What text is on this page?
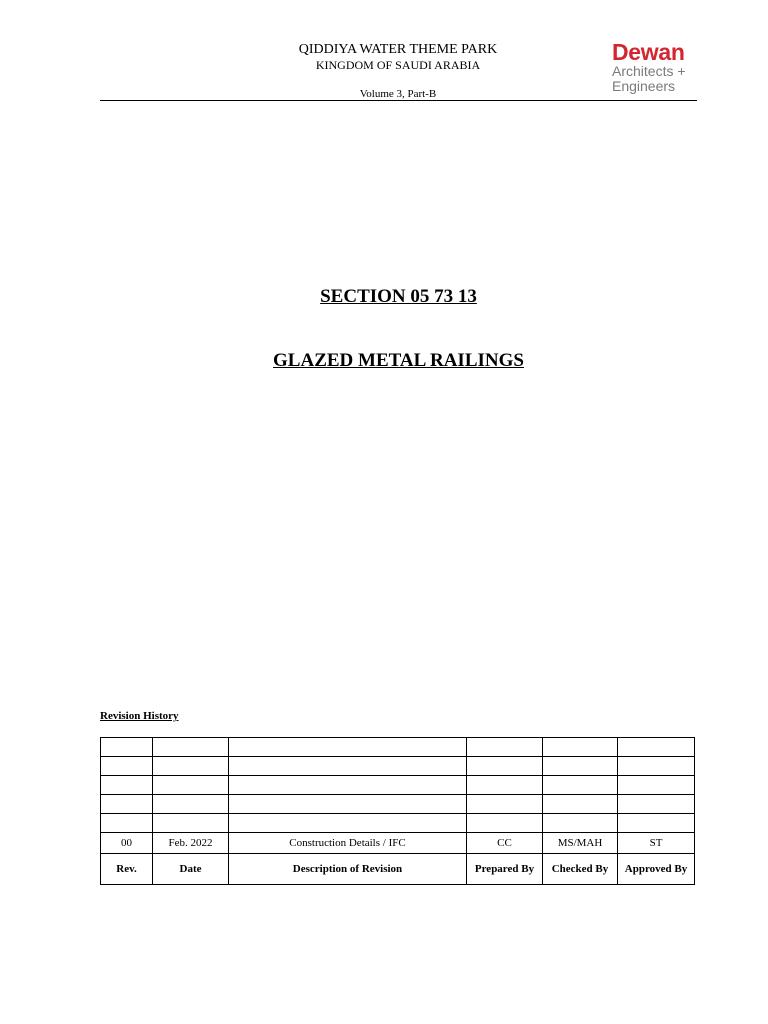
QIDDIYA WATER THEME PARK
KINGDOM OF SAUDI ARABIA
Volume 3, Part-B
Dewan
Architects +
Engineers
SECTION 05 73 13
GLAZED METAL RAILINGS
Revision History

00	Feb. 2022	Construction Details / IFC	CC	MS/MAH	ST
Rev.	Date	Description of Revision	Prepared By	Checked By	Approved By
